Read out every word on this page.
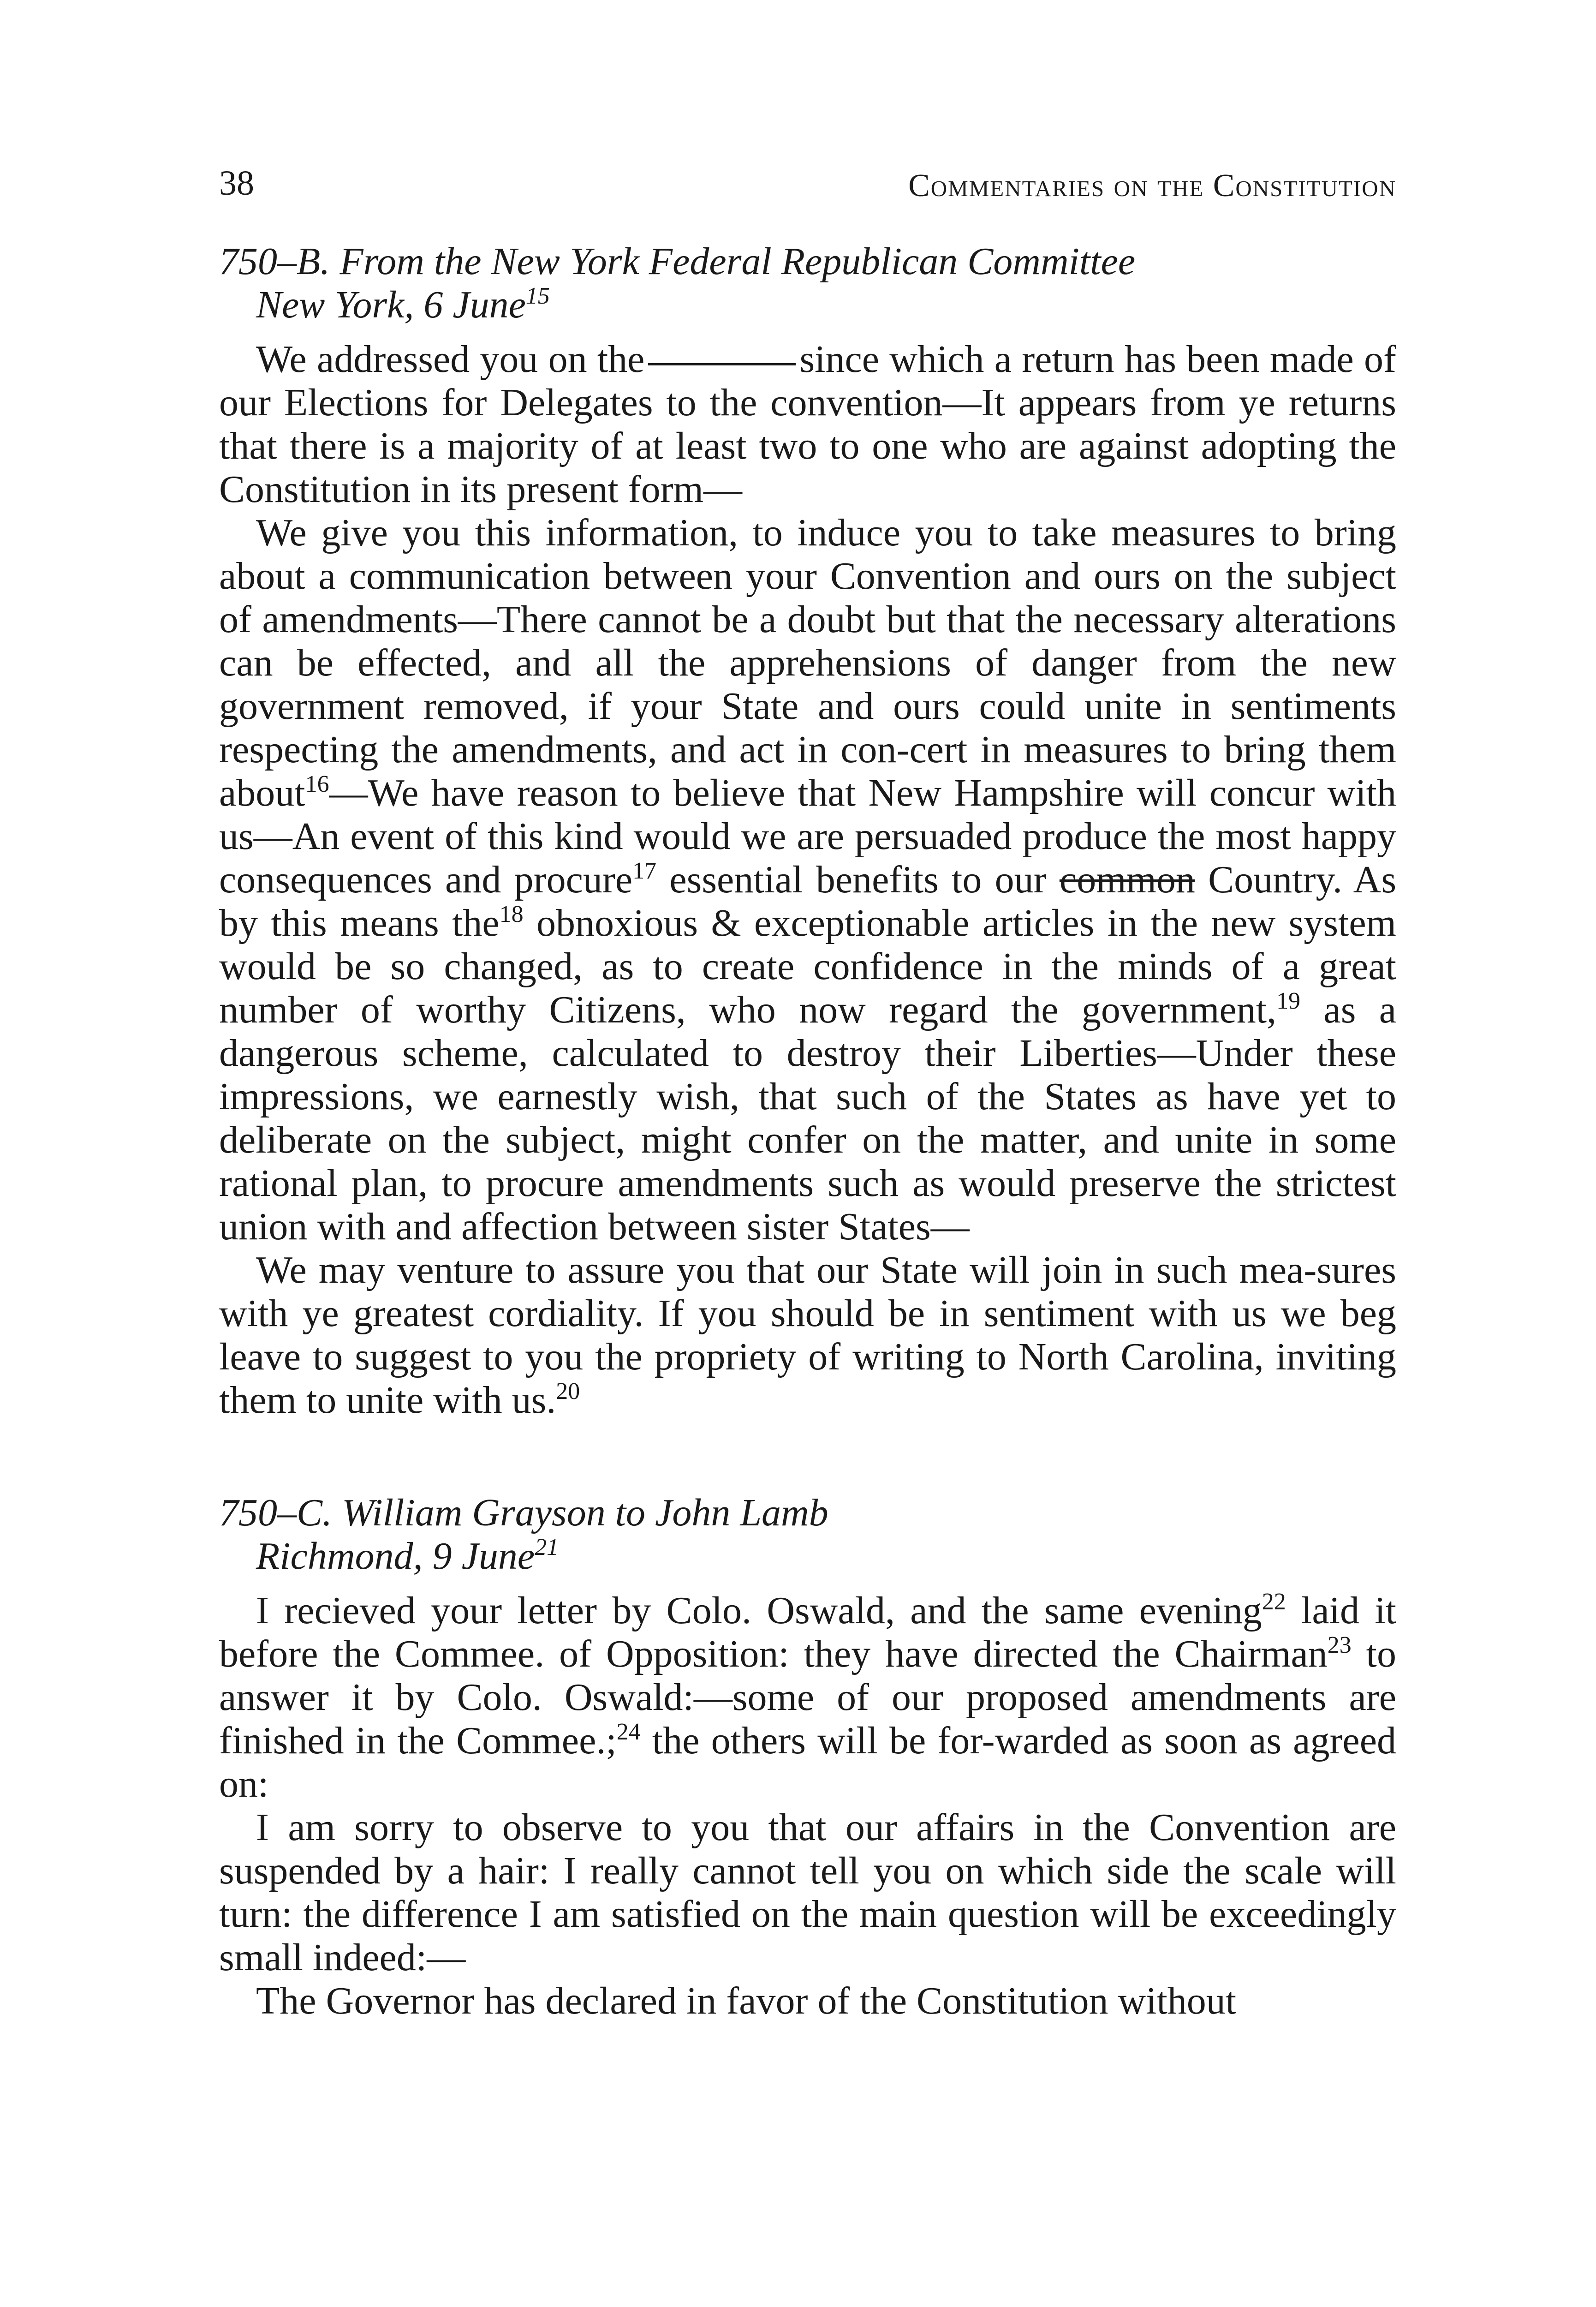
38	Commentaries on the Constitution
750–B. From the New York Federal Republican Committee
New York, 6 June$^{15}$

We addressed you on the	since which a return has been made of our Elections for Delegates to the convention—It appears from ye returns that there is a majority of at least two to one who are against adopting the Constitution in its present form—

We give you this information, to induce you to take measures to bring about a communication between your Convention and ours on the subject of amendments—There cannot be a doubt but that the necessary alterations can be effected, and all the apprehensions of danger from the new government removed, if your State and ours could unite in sentiments respecting the amendments, and act in con-cert in measures to bring them about$^{16}$—We have reason to believe that New Hampshire will concur with us—An event of this kind would we are persuaded produce the most happy consequences and procure$^{17}$ essential benefits to our common Country. As by this means the$^{18}$ obnoxious & exceptionable articles in the new system would be so changed, as to create confidence in the minds of a great number of worthy Citizens, who now regard the government,$^{19}$ as a dangerous scheme, calculated to destroy their Liberties—Under these impressions, we earnestly wish, that such of the States as have yet to deliberate on the subject, might confer on the matter, and unite in some rational plan, to procure amendments such as would preserve the strictest union with and affection between sister States—

We may venture to assure you that our State will join in such mea-sures with ye greatest cordiality. If you should be in sentiment with us we beg leave to suggest to you the propriety of writing to North Carolina, inviting them to unite with us.$^{20}$

750–C. William Grayson to John Lamb
Richmond, 9 June$^{21}$

I recieved your letter by Colo. Oswald, and the same evening$^{22}$ laid it before the Commee. of Opposition: they have directed the Chairman$^{23}$ to answer it by Colo. Oswald:—some of our proposed amendments are finished in the Commee.;$^{24}$ the others will be for-warded as soon as agreed on:

I am sorry to observe to you that our affairs in the Convention are suspended by a hair: I really cannot tell you on which side the scale will turn: the difference I am satisfied on the main question will be exceedingly small indeed:—

The Governor has declared in favor of the Constitution without
